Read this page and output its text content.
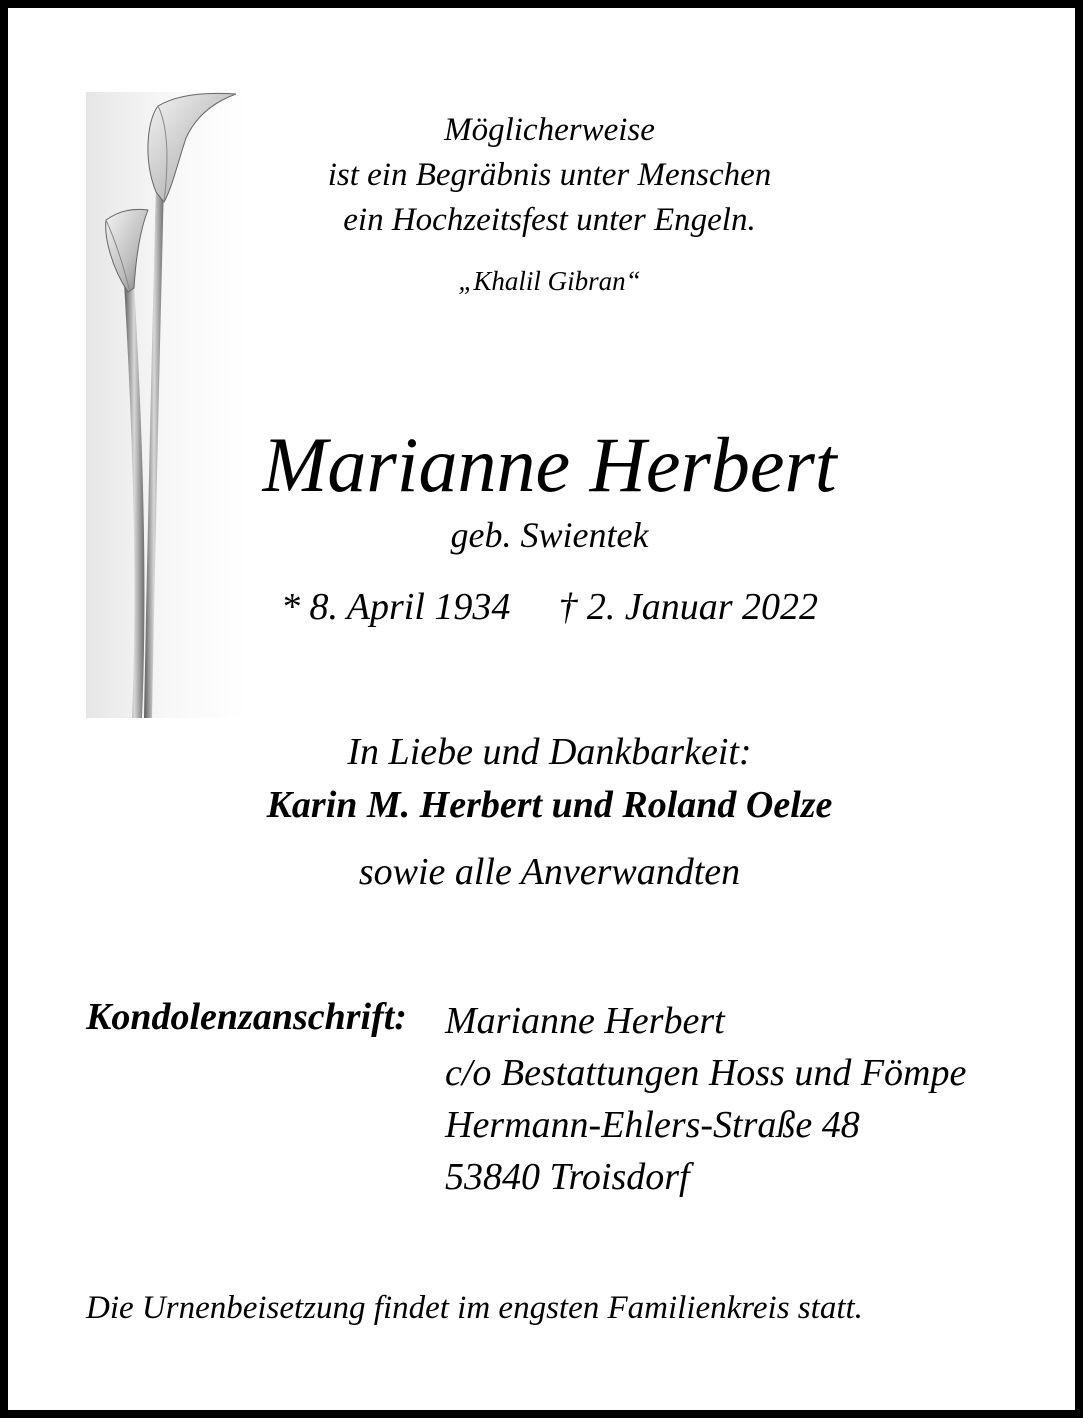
Möglicherweise
ist ein Begräbnis unter Menschen
ein Hochzeitsfest unter Engeln.
„Khalil Gibran“
Marianne Herbert
geb. Swientek
* 8. April 1934 † 2. Januar 2022
In Liebe und Dankbarkeit:
Karin M. Herbert und Roland Oelze
sowie alle Anverwandten
Kondolenzanschrift: Marianne Herbert
c/o Bestattungen Hoss und Fömpe
Hermann-Ehlers-Straße 48
53840 Troisdorf
Die Urnenbeisetzung findet im engsten Familienkreis statt.
